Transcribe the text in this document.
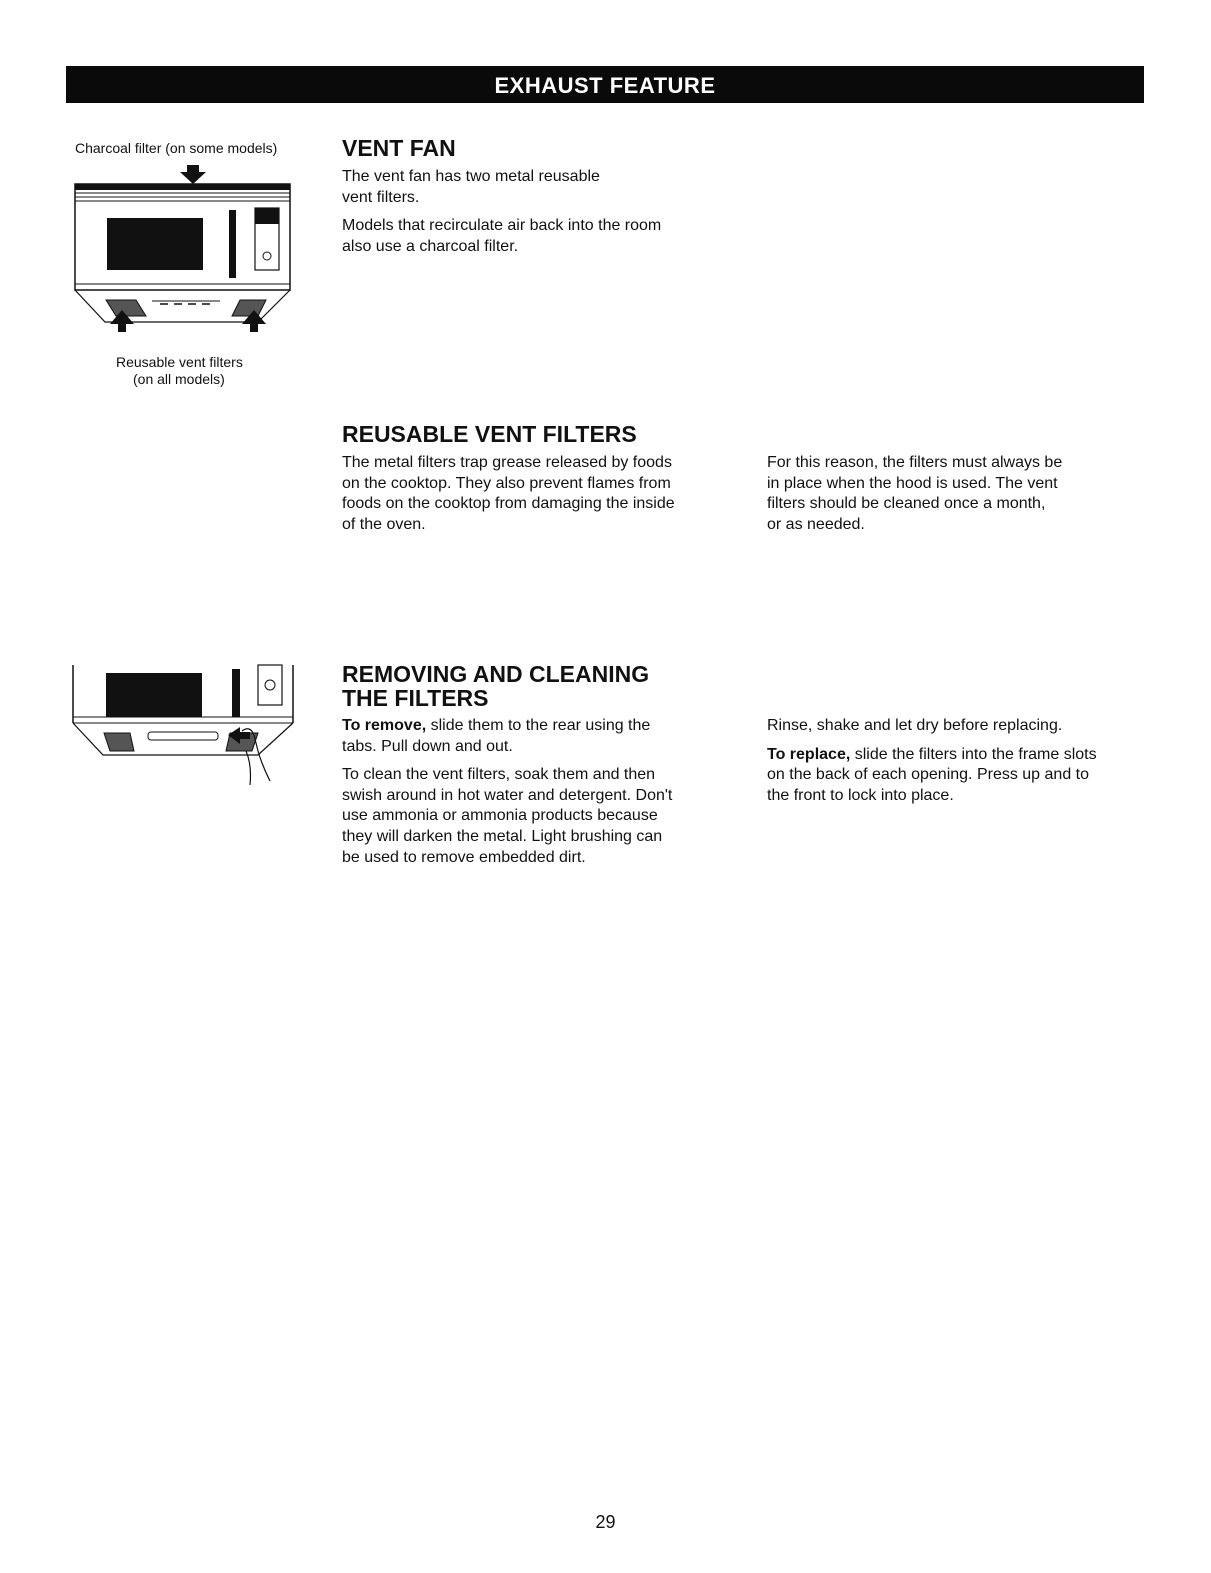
EXHAUST FEATURE
Charcoal filter (on some models)
Reusable vent filters
(on all models)
VENT FAN
The vent fan has two metal reusable
vent filters.
Models that recirculate air back into the room
also use a charcoal filter.
REUSABLE VENT FILTERS
The metal filters trap grease released by foods
on the cooktop. They also prevent flames from
foods on the cooktop from damaging the inside
of the oven.
For this reason, the filters must always be
in place when the hood is used. The vent
filters should be cleaned once a month,
or as needed.
REMOVING AND CLEANING
THE FILTERS
To remove, slide them to the rear using the
tabs. Pull down and out.
To clean the vent filters, soak them and then
swish around in hot water and detergent. Don't
use ammonia or ammonia products because
they will darken the metal. Light brushing can
be used to remove embedded dirt.
Rinse, shake and let dry before replacing.
To replace, slide the filters into the frame slots
on the back of each opening. Press up and to
the front to lock into place.
29
